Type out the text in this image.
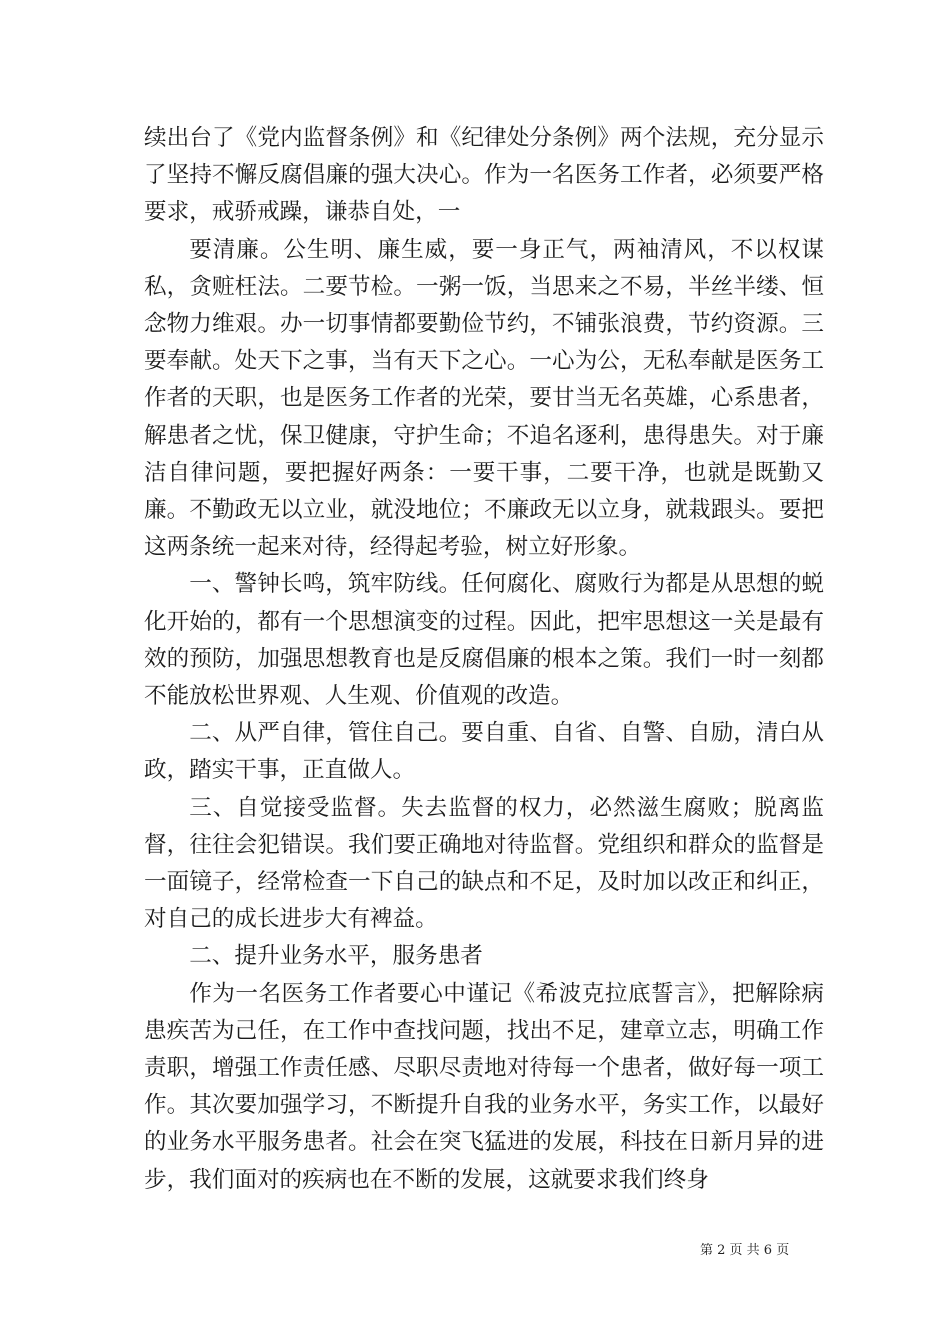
续出台了《党内监督条例》和《纪律处分条例》两个法规，充分显示了坚持不懈反腐倡廉的强大决心。作为一名医务工作者，必须要严格要求，戒骄戒躁，谦恭自处，一

要清廉。公生明、廉生威，要一身正气，两袖清风，不以权谋私，贪赃枉法。二要节检。一粥一饭，当思来之不易，半丝半缕、恒念物力维艰。办一切事情都要勤俭节约，不铺张浪费，节约资源。三要奉献。处天下之事，当有天下之心。一心为公，无私奉献是医务工作者的天职，也是医务工作者的光荣，要甘当无名英雄，心系患者，解患者之忧，保卫健康，守护生命；不追名逐利，患得患失。对于廉洁自律问题，要把握好两条：一要干事，二要干净，也就是既勤又廉。不勤政无以立业，就没地位；不廉政无以立身，就栽跟头。要把这两条统一起来对待，经得起考验，树立好形象。

一、警钟长鸣，筑牢防线。任何腐化、腐败行为都是从思想的蜕化开始的，都有一个思想演变的过程。因此，把牢思想这一关是最有效的预防，加强思想教育也是反腐倡廉的根本之策。我们一时一刻都不能放松世界观、人生观、价值观的改造。

二、从严自律，管住自己。要自重、自省、自警、自励，清白从政，踏实干事，正直做人。

三、自觉接受监督。失去监督的权力，必然滋生腐败；脱离监督，往往会犯错误。我们要正确地对待监督。党组织和群众的监督是一面镜子，经常检查一下自己的缺点和不足，及时加以改正和纠正，对自己的成长进步大有裨益。

二、提升业务水平，服务患者

作为一名医务工作者要心中谨记《希波克拉底誓言》，把解除病患疾苦为己任，在工作中查找问题，找出不足，建章立志，明确工作责职，增强工作责任感、尽职尽责地对待每一个患者，做好每一项工作。其次要加强学习，不断提升自我的业务水平，务实工作，以最好的业务水平服务患者。社会在突飞猛进的发展，科技在日新月异的进步，我们面对的疾病也在不断的发展，这就要求我们终身

第 2 页 共 6 页
